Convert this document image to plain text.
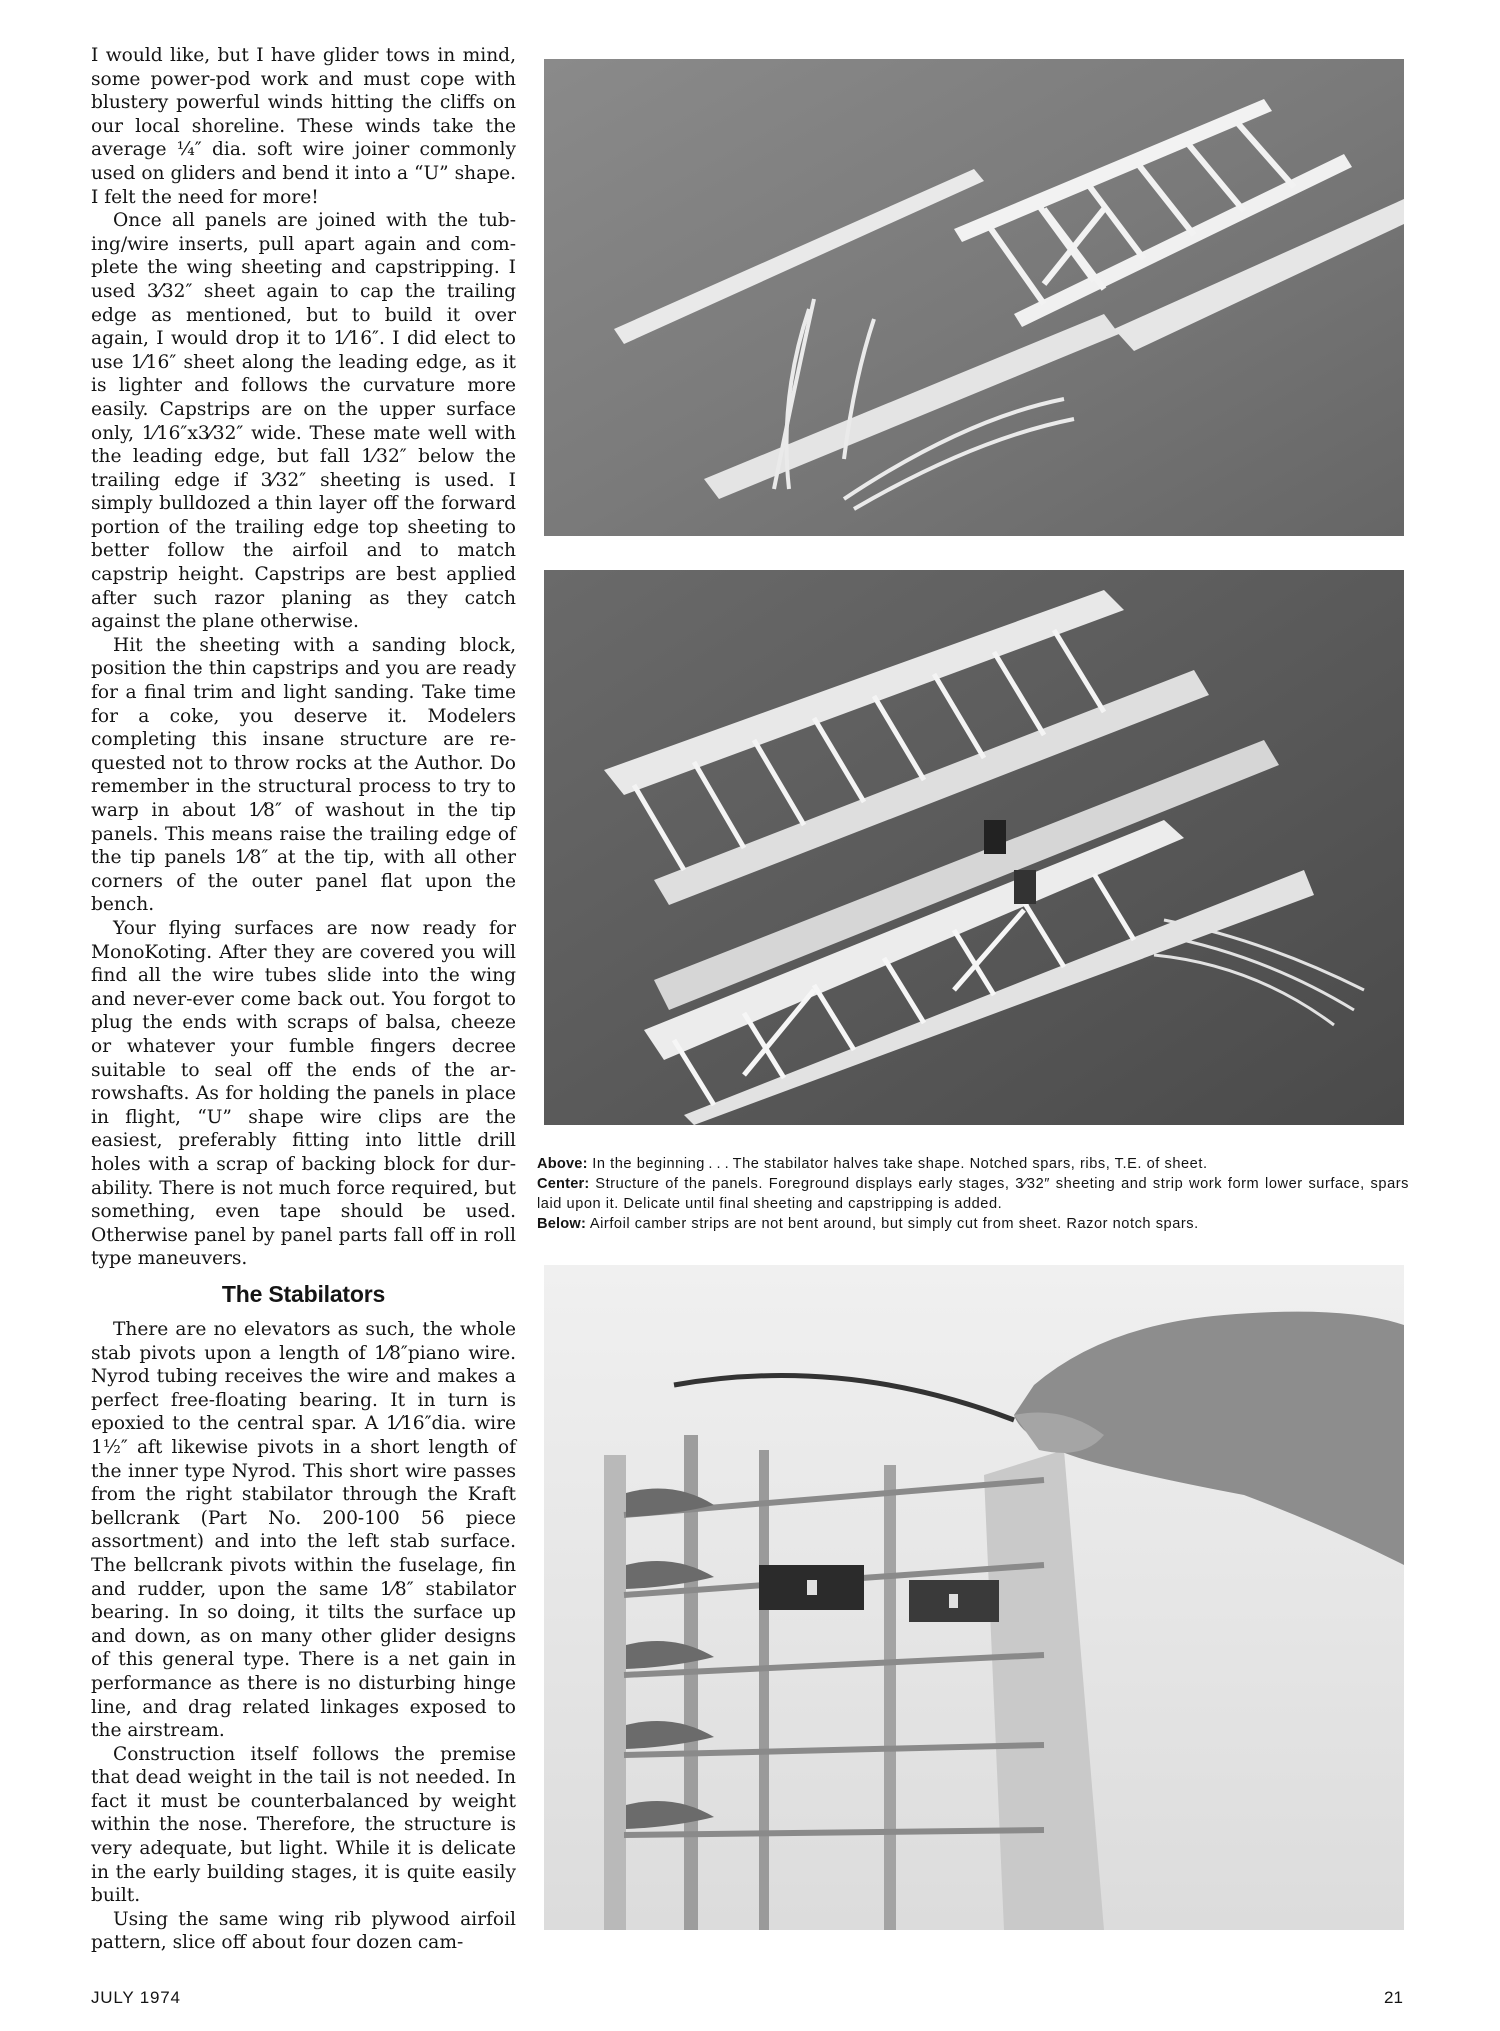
I would like, but I have glider tows in mind, some power-pod work and must cope with blustery powerful winds hitting the cliffs on our local shoreline. These winds take the average ¼″ dia. soft wire joiner commonly used on gliders and bend it into a “U” shape. I felt the need for more!

Once all panels are joined with the tubing/wire inserts, pull apart again and complete the wing sheeting and capstripping. I used 3⁄32″ sheet again to cap the trailing edge as mentioned, but to build it over again, I would drop it to 1⁄16″. I did elect to use 1⁄16″ sheet along the leading edge, as it is lighter and follows the curvature more easily. Capstrips are on the upper surface only, 1⁄16″x3⁄32″ wide. These mate well with the leading edge, but fall 1⁄32″ below the trailing edge if 3⁄32″ sheeting is used. I simply bulldozed a thin layer off the forward portion of the trailing edge top sheeting to better follow the airfoil and to match capstrip height. Capstrips are best applied after such razor planing as they catch against the plane otherwise.

Hit the sheeting with a sanding block, position the thin capstrips and you are ready for a final trim and light sanding. Take time for a coke, you deserve it. Modelers completing this insane structure are requested not to throw rocks at the Author. Do remember in the structural process to try to warp in about 1⁄8″ of washout in the tip panels. This means raise the trailing edge of the tip panels 1⁄8″ at the tip, with all other corners of the outer panel flat upon the bench.

Your flying surfaces are now ready for MonoKoting. After they are covered you will find all the wire tubes slide into the wing and never-ever come back out. You forgot to plug the ends with scraps of balsa, cheeze or whatever your fumble fingers decree suitable to seal off the ends of the arrowshafts. As for holding the panels in place in flight, “U” shape wire clips are the easiest, preferably fitting into little drill holes with a scrap of backing block for durability. There is not much force required, but something, even tape should be used. Otherwise panel by panel parts fall off in roll type maneuvers.

The Stabilators

There are no elevators as such, the whole stab pivots upon a length of 1⁄8″piano wire. Nyrod tubing receives the wire and makes a perfect free-floating bearing. It in turn is epoxied to the central spar. A 1⁄16″dia. wire 1½″ aft likewise pivots in a short length of the inner type Nyrod. This short wire passes from the right stabilator through the Kraft bellcrank (Part No. 200-100 56 piece assortment) and into the left stab surface. The bellcrank pivots within the fuselage, fin and rudder, upon the same 1⁄8″ stabilator bearing. In so doing, it tilts the surface up and down, as on many other glider designs of this general type. There is a net gain in performance as there is no disturbing hinge line, and drag related linkages exposed to the airstream.

Construction itself follows the premise that dead weight in the tail is not needed. In fact it must be counterbalanced by weight within the nose. Therefore, the structure is very adequate, but light. While it is delicate in the early building stages, it is quite easily built.

Using the same wing rib plywood airfoil pattern, slice off about four dozen cam-

Above: In the beginning . . . The stabilator halves take shape. Notched spars, ribs, T.E. of sheet.
Center: Structure of the panels. Foreground displays early stages, 3⁄32″ sheeting and strip work form lower surface, spars laid upon it. Delicate until final sheeting and capstripping is added.
Below: Airfoil camber strips are not bent around, but simply cut from sheet. Razor notch spars.
JULY 1974	21
